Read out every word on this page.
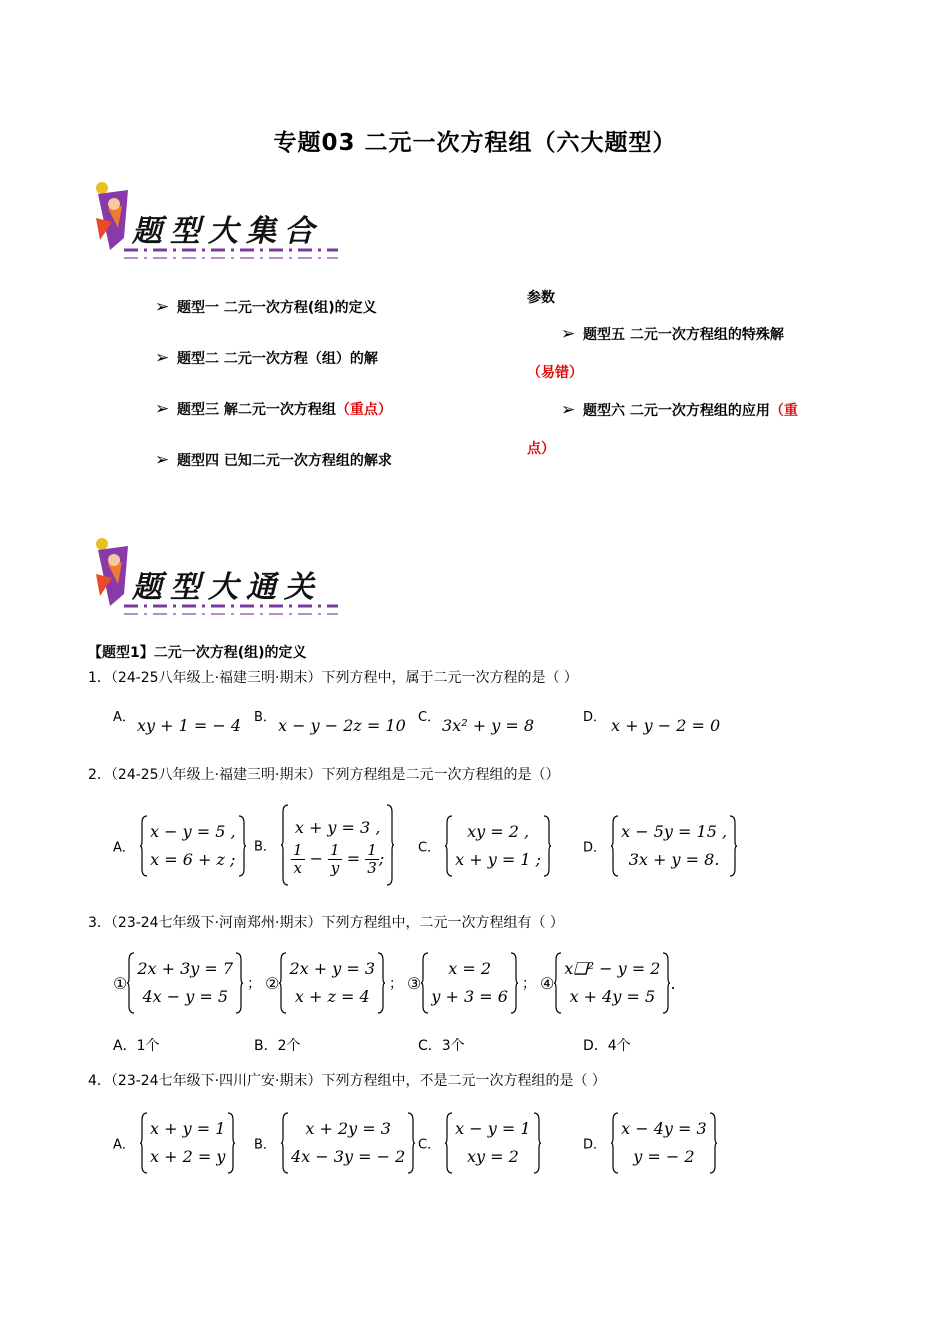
专题03 二元一次方程组（六大题型）
题型大集合
➢ 题型一 二元一次方程(组)的定义
➢ 题型二 二元一次方程（组）的解
➢ 题型三 解二元一次方程组（重点）
➢ 题型四 已知二元一次方程组的解求
参数
➢ 题型五 二元一次方程组的特殊解
（易错）
➢ 题型六 二元一次方程组的应用（重
点）
题型大通关
【题型1】二元一次方程(组)的定义
1．（24-25八年级上·福建三明·期末）下列方程中，属于二元一次方程的是（ ）
A． xy + 1 = − 4 B． x − y − 2z = 10 C． 3x² + y = 8	D． x + y − 2 = 0
2．（24-25八年级上·福建三明·期末）下列方程组是二元一次方程组的是（）
A．
x − y = 5 ,
x = 6 + z ;
B．
x + y = 3 ,
$\frac{1}{x} - \frac{1}{y} = \frac{1}{3}$ ;
C．
xy = 2 ,
x + y = 1 ;
D．
x − 5y = 15 ,
3x + y = 8.
3．（23-24七年级下·河南郑州·期末）下列方程组中，二元一次方程组有（ ）
①
2x + 3y = 7
4x − y = 5
； ②
2x + y = 3
x + z = 4
； ③
x = 2
y + 3 = 6
； ④
x❑² − y = 2
x + 4y = 5
.
A．1个	B．2个	C．3个	D．4个
4．（23-24七年级下·四川广安·期末）下列方程组中，不是二元一次方程组的是（ ）
A．
x + y = 1
x + 2 = y
B．
x + 2y = 3
4x − 3y = − 2
C．
x − y = 1
xy = 2
D．
x − 4y = 3
y = − 2
